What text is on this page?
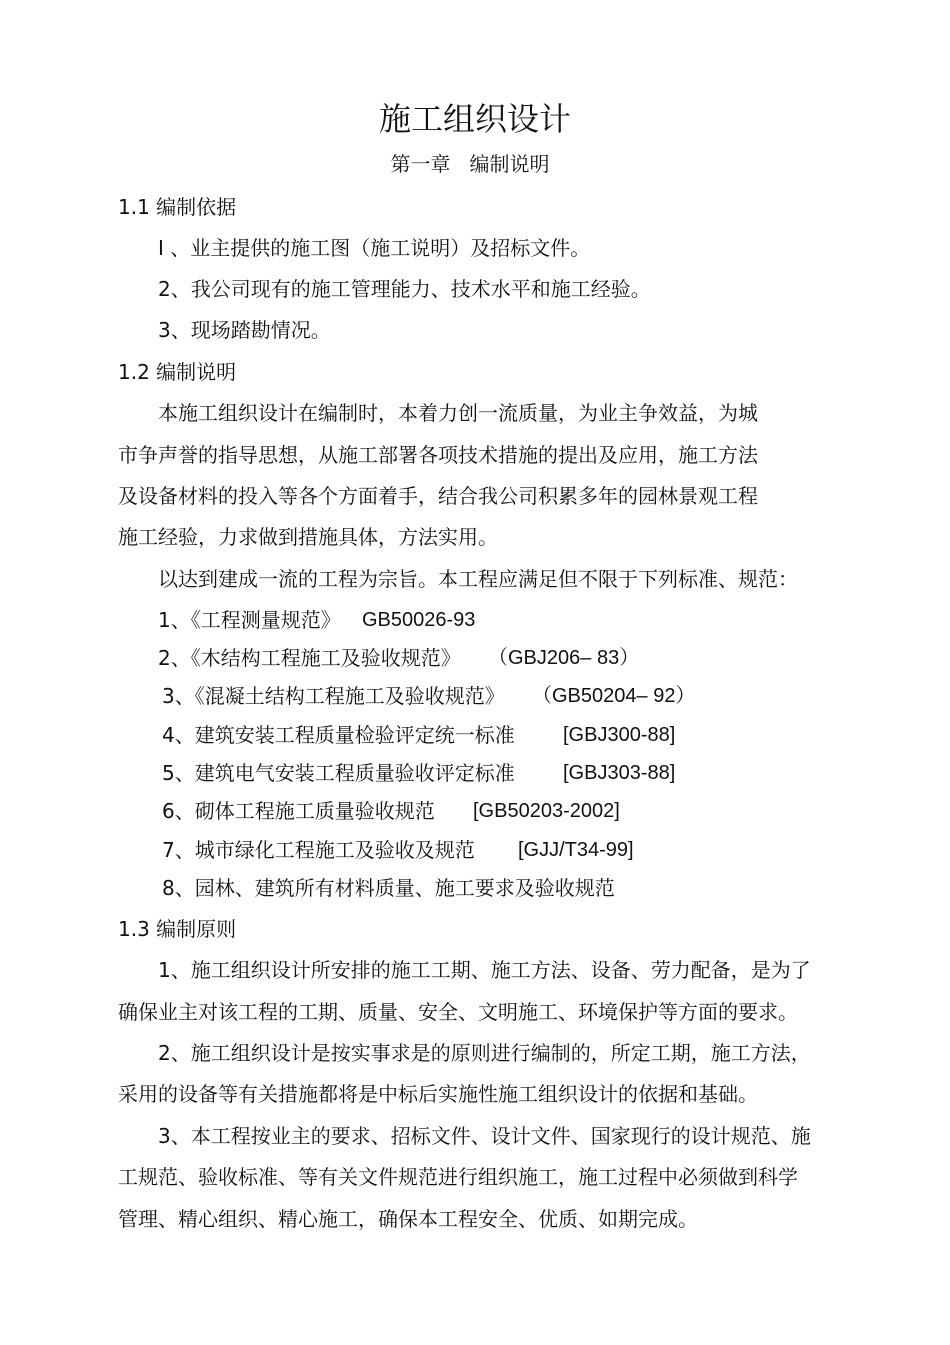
施工组织设计
第一章   编制说明
1.1 编制依据
I 、业主提供的施工图（施工说明）及招标文件。
2、我公司现有的施工管理能力、技术水平和施工经验。
3、现场踏勘情况。
1.2 编制说明
本施工组织设计在编制时，本着力创一流质量，为业主争效益，为城
市争声誉的指导思想，从施工部署各项技术措施的提出及应用，施工方法
及设备材料的投入等各个方面着手，结合我公司积累多年的园林景观工程
施工经验，力求做到措施具体，方法实用。
以达到建成一流的工程为宗旨。本工程应满足但不限于下列标准、规范：
1、《工程测量规范》 GB50026-93
2、《木结构工程施工及验收规范》 （GBJ206– 83）
3、《混凝土结构工程施工及验收规范》 （GB50204– 92）
4、建筑安装工程质量检验评定统一标准 [GBJ300-88]
5、建筑电气安装工程质量验收评定标准 [GBJ303-88]
6、砌体工程施工质量验收规范 [GB50203-2002]
7、城市绿化工程施工及验收及规范 [GJJ/T34-99]
8、园林、建筑所有材料质量、施工要求及验收规范
1.3 编制原则
1、施工组织设计所安排的施工工期、施工方法、设备、劳力配备，是为了
确保业主对该工程的工期、质量、安全、文明施工、环境保护等方面的要求。
2、施工组织设计是按实事求是的原则进行编制的，所定工期，施工方法，
采用的设备等有关措施都将是中标后实施性施工组织设计的依据和基础。
3、本工程按业主的要求、招标文件、设计文件、国家现行的设计规范、施
工规范、验收标准、等有关文件规范进行组织施工，施工过程中必须做到科学
管理、精心组织、精心施工，确保本工程安全、优质、如期完成。
